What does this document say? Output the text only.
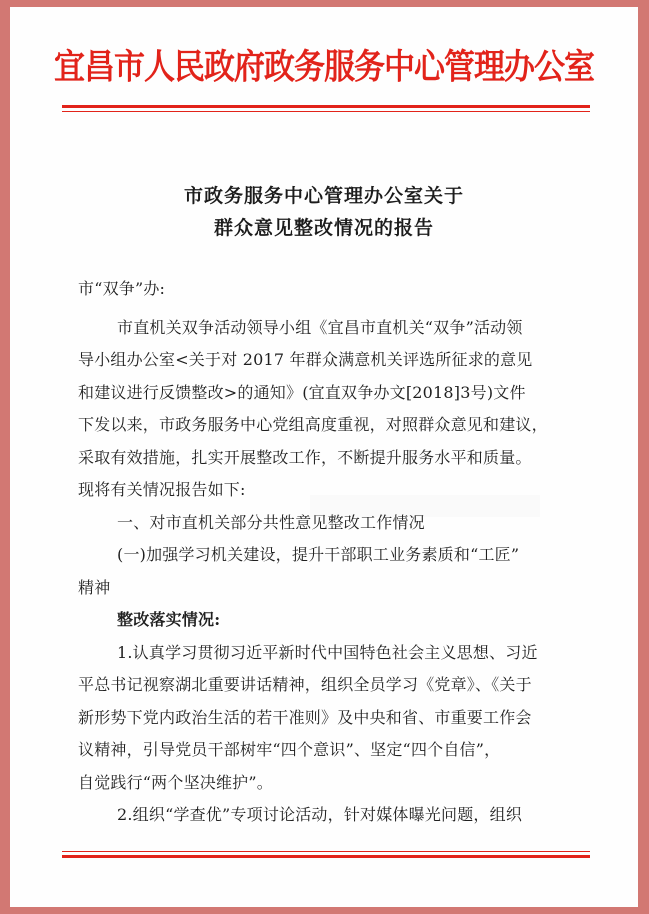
宜昌市人民政府政务服务中心管理办公室
市政务服务中心管理办公室关于
群众意见整改情况的报告
市“双争”办:
市直机关双争活动领导小组《宜昌市直机关“双争”活动领
导小组办公室<关于对 2017 年群众满意机关评选所征求的意见
和建议进行反馈整改>的通知》(宜直双争办文[2018]3号)文件
下发以来，市政务服务中心党组高度重视，对照群众意见和建议，
采取有效措施，扎实开展整改工作，不断提升服务水平和质量。
现将有关情况报告如下:
一、对市直机关部分共性意见整改工作情况
(一)加强学习机关建设，提升干部职工业务素质和“工匠”
精神
整改落实情况:
1.认真学习贯彻习近平新时代中国特色社会主义思想、习近
平总书记视察湖北重要讲话精神，组织全员学习《党章》、《关于
新形势下党内政治生活的若干准则》及中央和省、市重要工作会
议精神，引导党员干部树牢“四个意识”、坚定“四个自信”，
自觉践行“两个坚决维护”。
2.组织“学查优”专项讨论活动，针对媒体曝光问题，组织
